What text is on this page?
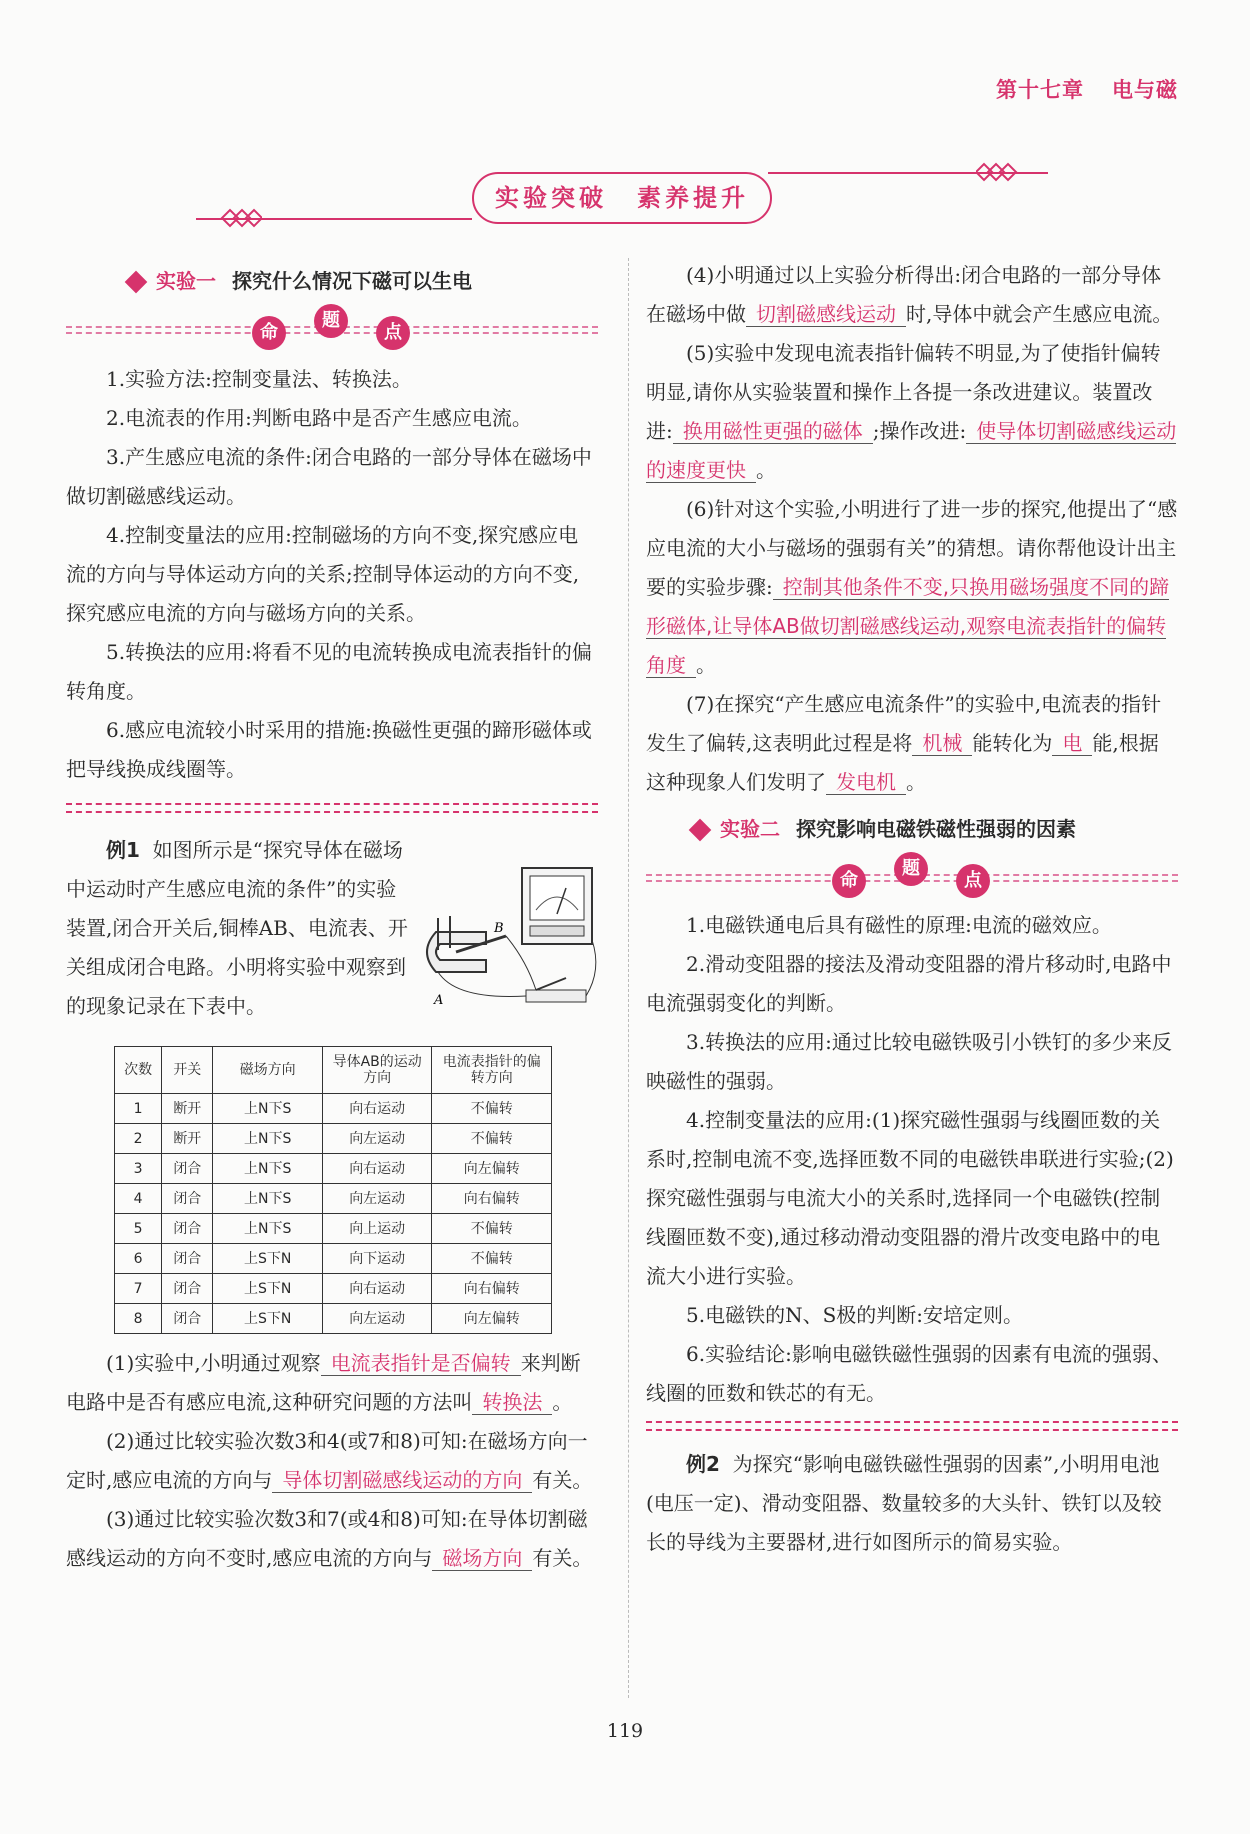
第十七章 电与磁
实验突破 素养提升
实验一 探究什么情况下磁可以生电
命
题
点

1.实验方法:控制变量法、转换法。

2.电流表的作用:判断电路中是否产生感应电流。

3.产生感应电流的条件:闭合电路的一部分导体在磁场中做切割磁感线运动。

4.控制变量法的应用:控制磁场的方向不变,探究感应电流的方向与导体运动方向的关系;控制导体运动的方向不变,探究感应电流的方向与磁场方向的关系。

5.转换法的应用:将看不见的电流转换成电流表指针的偏转角度。

6.感应电流较小时采用的措施:换磁性更强的蹄形磁体或把导线换成线圈等。

例1 如图所示是“探究导体在磁场中运动时产生感应电流的条件”的实验装置,闭合开关后,铜棒AB、电流表、开关组成闭合电路。小明将实验中观察到的现象记录在下表中。

次数	开关	磁场方向	导体AB的运动方向	电流表指针的偏转方向
1	断开	上N下S	向右运动	不偏转
2	断开	上N下S	向左运动	不偏转
3	闭合	上N下S	向右运动	向左偏转
4	闭合	上N下S	向左运动	向右偏转
5	闭合	上N下S	向上运动	不偏转
6	闭合	上S下N	向下运动	不偏转
7	闭合	上S下N	向右运动	向右偏转
8	闭合	上S下N	向左运动	向左偏转

(1)实验中,小明通过观察 电流表指针是否偏转 来判断电路中是否有感应电流,这种研究问题的方法叫 转换法 。

(2)通过比较实验次数3和4(或7和8)可知:在磁场方向一定时,感应电流的方向与 导体切割磁感线运动的方向 有关。

(3)通过比较实验次数3和7(或4和8)可知:在导体切割磁感线运动的方向不变时,感应电流的方向与 磁场方向 有关。

B
A

(4)小明通过以上实验分析得出:闭合电路的一部分导体在磁场中做 切割磁感线运动 时,导体中就会产生感应电流。

(5)实验中发现电流表指针偏转不明显,为了使指针偏转明显,请你从实验装置和操作上各提一条改进建议。装置改进: 换用磁性更强的磁体 ;操作改进: 使导体切割磁感线运动的速度更快 。

(6)针对这个实验,小明进行了进一步的探究,他提出了“感应电流的大小与磁场的强弱有关”的猜想。请你帮他设计出主要的实验步骤: 控制其他条件不变,只换用磁场强度不同的蹄形磁体,让导体AB做切割磁感线运动,观察电流表指针的偏转角度 。

(7)在探究“产生感应电流条件”的实验中,电流表的指针发生了偏转,这表明此过程是将 机械 能转化为 电 能,根据这种现象人们发明了 发电机 。

实验二 探究影响电磁铁磁性强弱的因素
命
题
点

1.电磁铁通电后具有磁性的原理:电流的磁效应。

2.滑动变阻器的接法及滑动变阻器的滑片移动时,电路中电流强弱变化的判断。

3.转换法的应用:通过比较电磁铁吸引小铁钉的多少来反映磁性的强弱。

4.控制变量法的应用:(1)探究磁性强弱与线圈匝数的关系时,控制电流不变,选择匝数不同的电磁铁串联进行实验;(2)探究磁性强弱与电流大小的关系时,选择同一个电磁铁(控制线圈匝数不变),通过移动滑动变阻器的滑片改变电路中的电流大小进行实验。

5.电磁铁的N、S极的判断:安培定则。

6.实验结论:影响电磁铁磁性强弱的因素有电流的强弱、线圈的匝数和铁芯的有无。

例2 为探究“影响电磁铁磁性强弱的因素”,小明用电池(电压一定)、滑动变阻器、数量较多的大头针、铁钉以及较长的导线为主要器材,进行如图所示的简易实验。

119
